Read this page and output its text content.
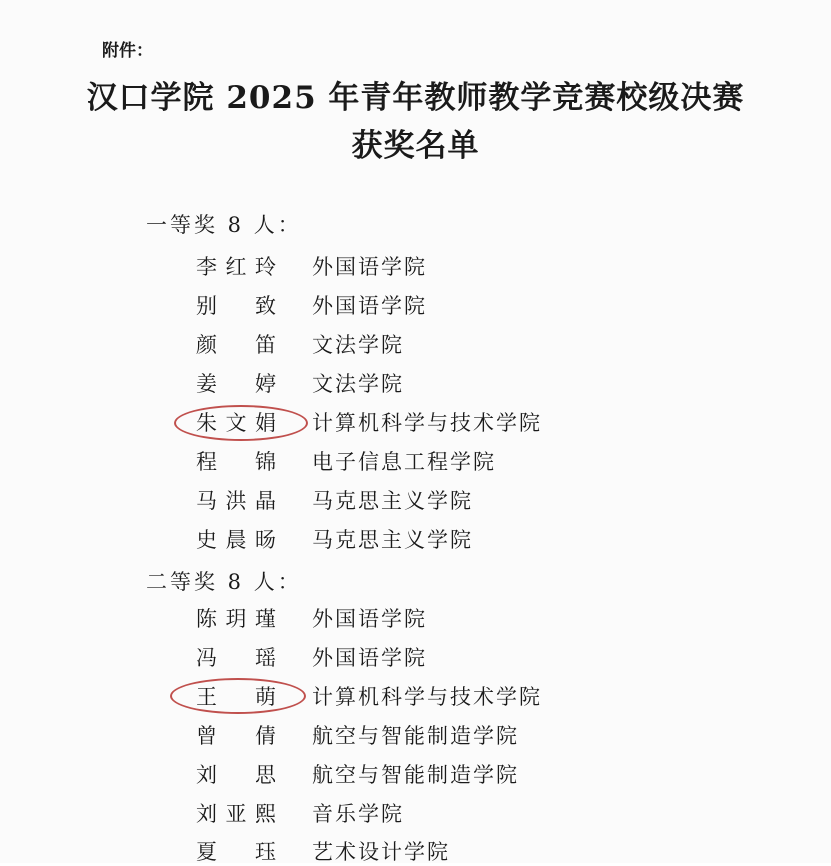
附件：
汉口学院 2025 年青年教师教学竞赛校级决赛
获奖名单
一等奖 8 人：
李红玲 外国语学院
别　致 外国语学院
颜　笛 文法学院
姜　婷 文法学院
朱文娟 计算机科学与技术学院
程　锦 电子信息工程学院
马洪晶 马克思主义学院
史晨旸 马克思主义学院
二等奖 8 人：
陈玥瑾 外国语学院
冯　瑶 外国语学院
王　萌 计算机科学与技术学院
曾　倩 航空与智能制造学院
刘　思 航空与智能制造学院
刘亚熙 音乐学院
夏　珏 艺术设计学院
